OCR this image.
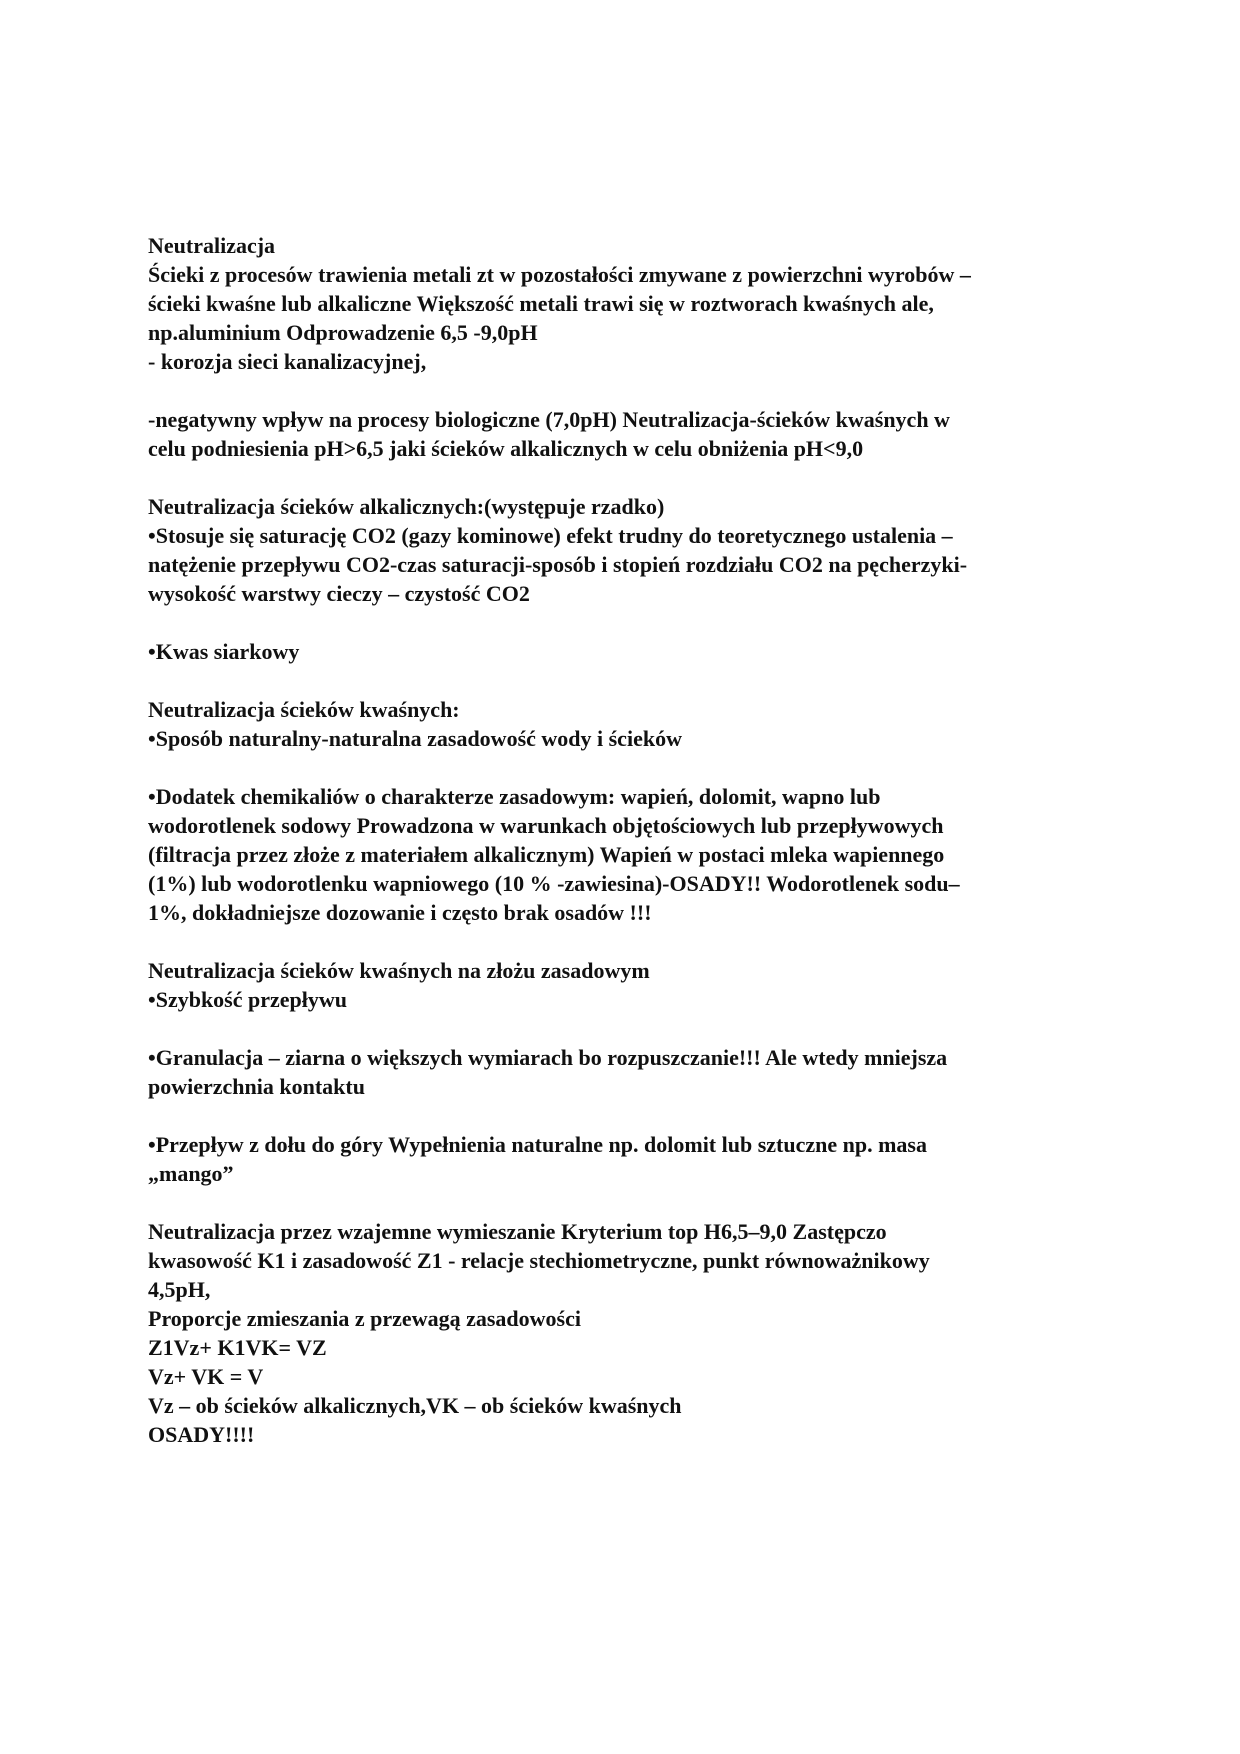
Neutralizacja
Ścieki z procesów trawienia metali zt w pozostałości zmywane z powierzchni wyrobów –
ścieki kwaśne lub alkaliczne Większość metali trawi się w roztworach kwaśnych ale,
np.aluminium Odprowadzenie 6,5 -9,0pH
- korozja sieci kanalizacyjnej,
-negatywny wpływ na procesy biologiczne (7,0pH) Neutralizacja-ścieków kwaśnych w
celu podniesienia pH>6,5 jaki ścieków alkalicznych w celu obniżenia pH<9,0
Neutralizacja ścieków alkalicznych:(występuje rzadko)
•Stosuje się saturację CO2 (gazy kominowe) efekt trudny do teoretycznego ustalenia –
natężenie przepływu CO2-czas saturacji-sposób i stopień rozdziału CO2 na pęcherzyki-
wysokość warstwy cieczy – czystość CO2
•Kwas siarkowy
Neutralizacja ścieków kwaśnych:
•Sposób naturalny-naturalna zasadowość wody i ścieków
•Dodatek chemikaliów o charakterze zasadowym: wapień, dolomit, wapno lub
wodorotlenek sodowy Prowadzona w warunkach objętościowych lub przepływowych
(filtracja przez złoże z materiałem alkalicznym) Wapień w postaci mleka wapiennego
(1%) lub wodorotlenku wapniowego (10 % -zawiesina)-OSADY!! Wodorotlenek sodu–
1%, dokładniejsze dozowanie i często brak osadów !!!
Neutralizacja ścieków kwaśnych na złożu zasadowym
•Szybkość przepływu
•Granulacja – ziarna o większych wymiarach bo rozpuszczanie!!! Ale wtedy mniejsza
powierzchnia kontaktu
•Przepływ z dołu do góry Wypełnienia naturalne np. dolomit lub sztuczne np. masa
„mango”
Neutralizacja przez wzajemne wymieszanie Kryterium top H6,5–9,0 Zastępczo
kwasowość K1 i zasadowość Z1 - relacje stechiometryczne, punkt równoważnikowy
4,5pH,
Proporcje zmieszania z przewagą zasadowości
Z1Vz+ K1VK= VZ
Vz+ VK = V
Vz – ob ścieków alkalicznych,VK – ob ścieków kwaśnych
OSADY!!!!
